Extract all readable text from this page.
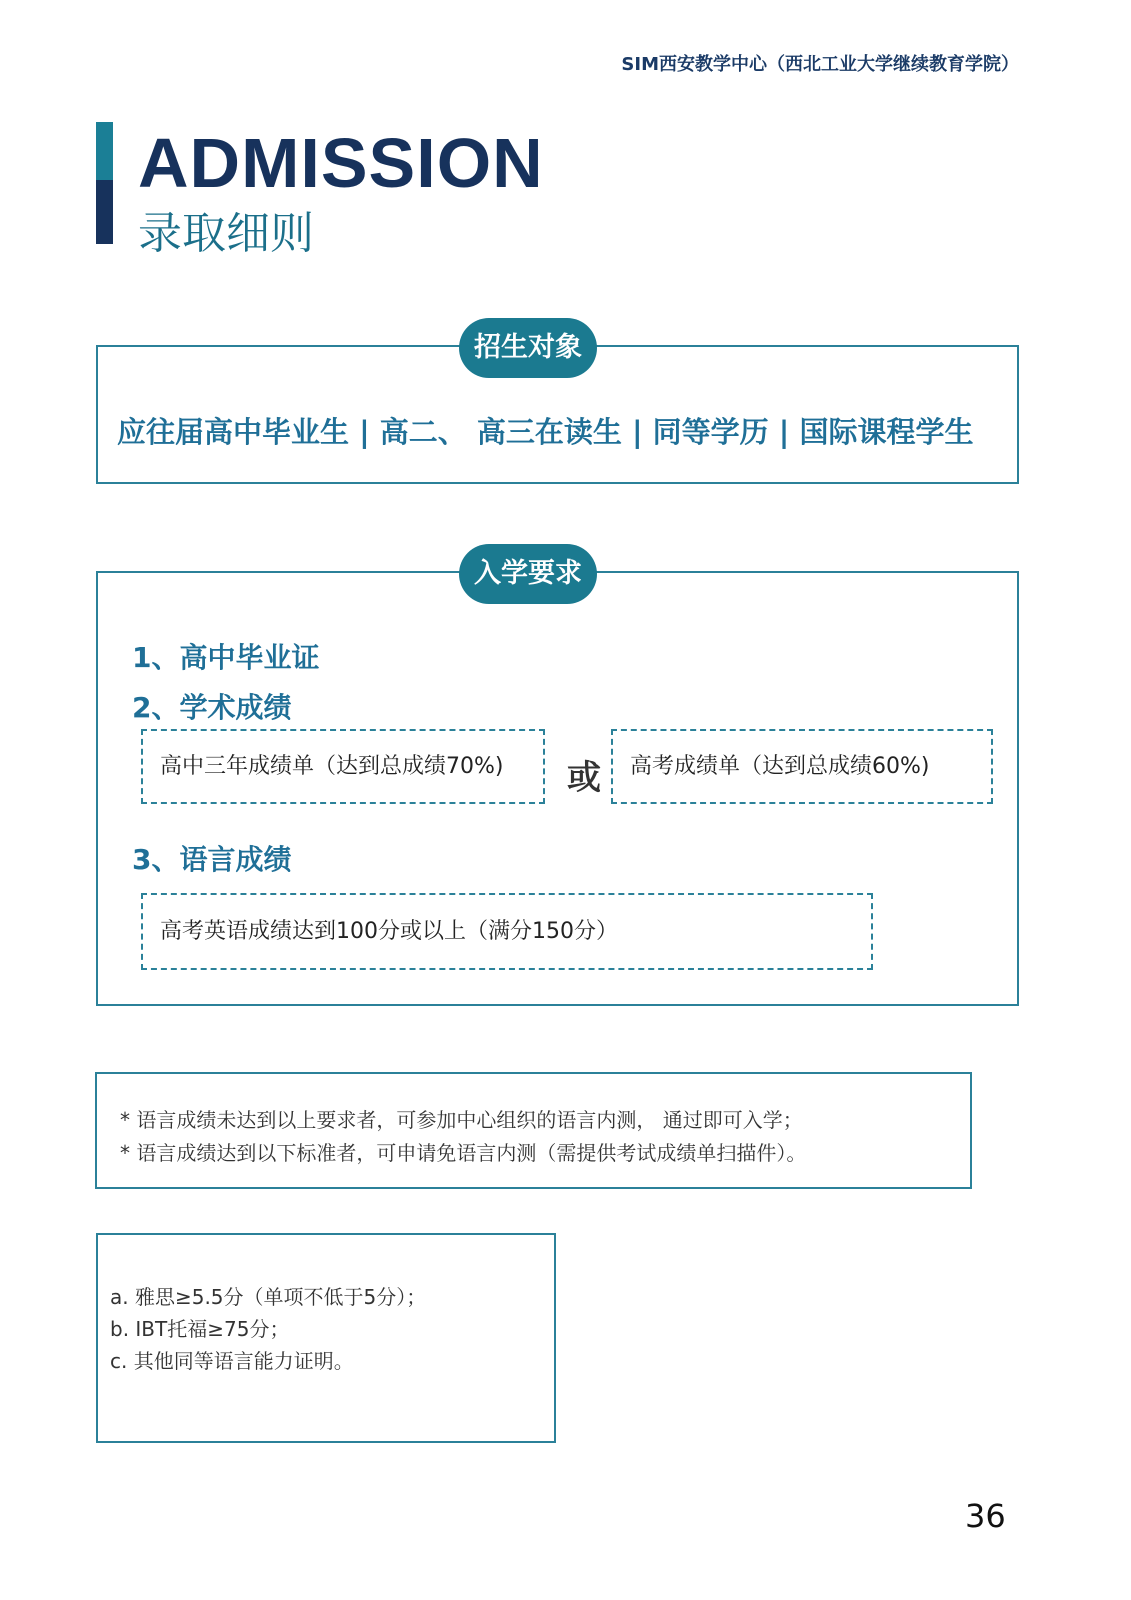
SIM西安教学中心（西北工业大学继续教育学院）
ADMISSION
录取细则
招生对象
应往届高中毕业生 | 高二、 高三在读生 | 同等学历 | 国际课程学生
入学要求
1、高中毕业证
2、学术成绩
高中三年成绩单（达到总成绩70%)	或	高考成绩单（达到总成绩60%)
3、语言成绩
高考英语成绩达到100分或以上（满分150分）
* 语言成绩未达到以上要求者，可参加中心组织的语言内测， 通过即可入学；
* 语言成绩达到以下标准者，可申请免语言内测（需提供考试成绩单扫描件）。
a. 雅思≥5.5分（单项不低于5分）；
b. IBT托福≥75分；
c. 其他同等语言能力证明。
36
